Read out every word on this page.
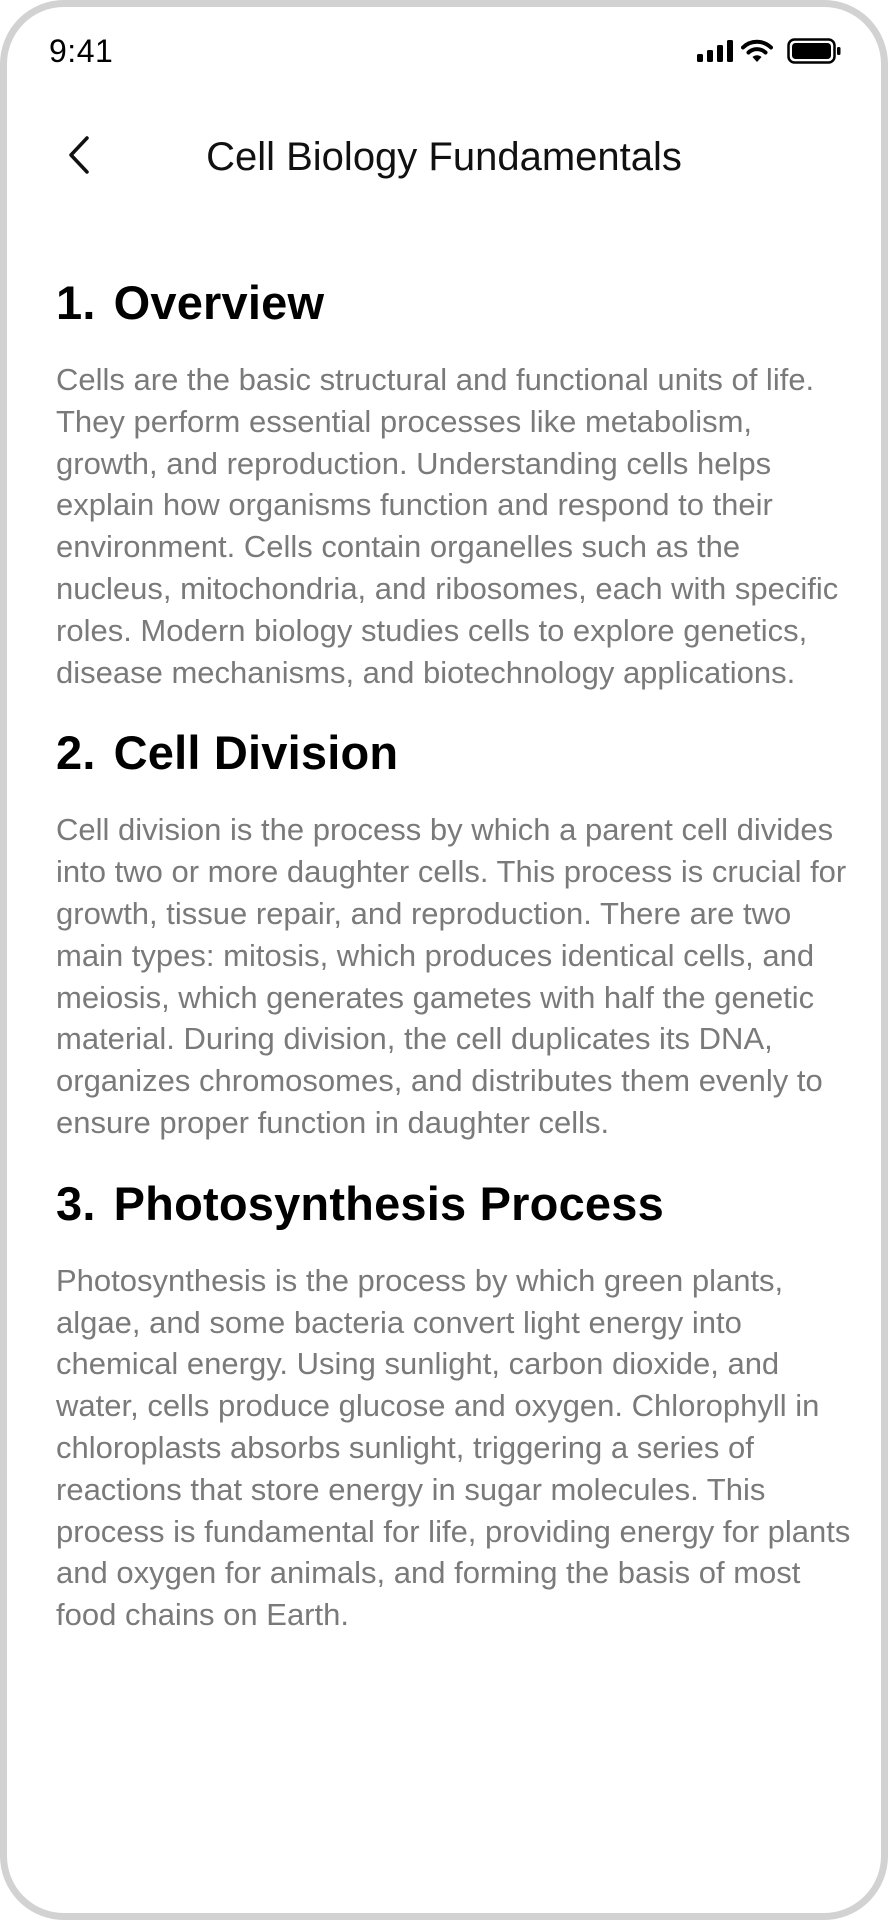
9:41
Cell Biology Fundamentals
1. Overview

Cells are the basic structural and functional units of life. They perform essential processes like metabolism, growth, and reproduction. Understanding cells helps explain how organisms function and respond to their environment. Cells contain organelles such as the nucleus, mitochondria, and ribosomes, each with specific roles. Modern biology studies cells to explore genetics, disease mechanisms, and biotechnology applications.

2. Cell Division

Cell division is the process by which a parent cell divides into two or more daughter cells. This process is crucial for growth, tissue repair, and reproduction. There are two main types: mitosis, which produces identical cells, and meiosis, which generates gametes with half the genetic material. During division, the cell duplicates its DNA, organizes chromosomes, and distributes them evenly to ensure proper function in daughter cells.

3. Photosynthesis Process

Photosynthesis is the process by which green plants, algae, and some bacteria convert light energy into chemical energy. Using sunlight, carbon dioxide, and water, cells produce glucose and oxygen. Chlorophyll in chloroplasts absorbs sunlight, triggering a series of reactions that store energy in sugar molecules. This process is fundamental for life, providing energy for plants and oxygen for animals, and forming the basis of most food chains on Earth.
